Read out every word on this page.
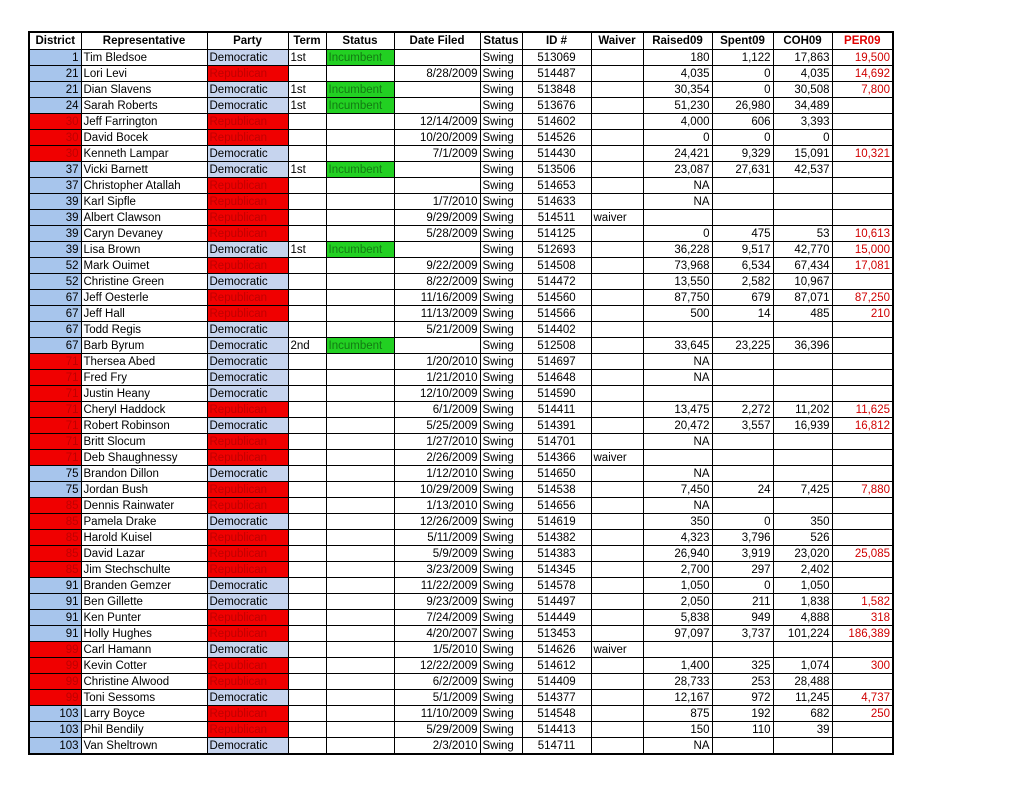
District	Representative	Party	Term	Status	Date Filed	Status	ID #	Waiver	Raised09	Spent09	COH09	PER09
1	Tim Bledsoe	Democratic	1st	Incumbent		Swing	513069		180	1,122	17,863	19,500
21	Lori Levi	Republican			8/28/2009	Swing	514487		4,035	0	4,035	14,692
21	Dian Slavens	Democratic	1st	Incumbent		Swing	513848		30,354	0	30,508	7,800
24	Sarah Roberts	Democratic	1st	Incumbent		Swing	513676		51,230	26,980	34,489	
30	Jeff Farrington	Republican			12/14/2009	Swing	514602		4,000	606	3,393	
30	David Bocek	Republican			10/20/2009	Swing	514526		0	0	0	
30	Kenneth Lampar	Democratic			7/1/2009	Swing	514430		24,421	9,329	15,091	10,321
37	Vicki Barnett	Democratic	1st	Incumbent		Swing	513506		23,087	27,631	42,537	
37	Christopher Atallah	Republican				Swing	514653		NA			
39	Karl Sipfle	Republican			1/7/2010	Swing	514633		NA			
39	Albert Clawson	Republican			9/29/2009	Swing	514511	waiver				
39	Caryn Devaney	Republican			5/28/2009	Swing	514125		0	475	53	10,613
39	Lisa Brown	Democratic	1st	Incumbent		Swing	512693		36,228	9,517	42,770	15,000
52	Mark Ouimet	Republican			9/22/2009	Swing	514508		73,968	6,534	67,434	17,081
52	Christine Green	Democratic			8/22/2009	Swing	514472		13,550	2,582	10,967	
67	Jeff Oesterle	Republican			11/16/2009	Swing	514560		87,750	679	87,071	87,250
67	Jeff Hall	Republican			11/13/2009	Swing	514566		500	14	485	210
67	Todd Regis	Democratic			5/21/2009	Swing	514402					
67	Barb Byrum	Democratic	2nd	Incumbent		Swing	512508		33,645	23,225	36,396	
71	Thersea Abed	Democratic			1/20/2010	Swing	514697		NA			
71	Fred Fry	Democratic			1/21/2010	Swing	514648		NA			
71	Justin Heany	Democratic			12/10/2009	Swing	514590					
71	Cheryl Haddock	Republican			6/1/2009	Swing	514411		13,475	2,272	11,202	11,625
71	Robert Robinson	Democratic			5/25/2009	Swing	514391		20,472	3,557	16,939	16,812
71	Britt Slocum	Republican			1/27/2010	Swing	514701		NA			
71	Deb Shaughnessy	Republican			2/26/2009	Swing	514366	waiver				
75	Brandon Dillon	Democratic			1/12/2010	Swing	514650		NA			
75	Jordan Bush	Republican			10/29/2009	Swing	514538		7,450	24	7,425	7,880
85	Dennis Rainwater	Republican			1/13/2010	Swing	514656		NA			
85	Pamela Drake	Democratic			12/26/2009	Swing	514619		350	0	350	
85	Harold Kuisel	Republican			5/11/2009	Swing	514382		4,323	3,796	526	
85	David Lazar	Republican			5/9/2009	Swing	514383		26,940	3,919	23,020	25,085
85	Jim Stechschulte	Republican			3/23/2009	Swing	514345		2,700	297	2,402	
91	Branden Gemzer	Democratic			11/22/2009	Swing	514578		1,050	0	1,050	
91	Ben Gillette	Democratic			9/23/2009	Swing	514497		2,050	211	1,838	1,582
91	Ken Punter	Republican			7/24/2009	Swing	514449		5,838	949	4,888	318
91	Holly Hughes	Republican			4/20/2007	Swing	513453		97,097	3,737	101,224	186,389
99	Carl Hamann	Democratic			1/5/2010	Swing	514626	waiver				
99	Kevin Cotter	Republican			12/22/2009	Swing	514612		1,400	325	1,074	300
99	Christine Alwood	Republican			6/2/2009	Swing	514409		28,733	253	28,488	
99	Toni Sessoms	Democratic			5/1/2009	Swing	514377		12,167	972	11,245	4,737
103	Larry Boyce	Republican			11/10/2009	Swing	514548		875	192	682	250
103	Phil Bendily	Republican			5/29/2009	Swing	514413		150	110	39	
103	Van Sheltrown	Democratic			2/3/2010	Swing	514711		NA			
